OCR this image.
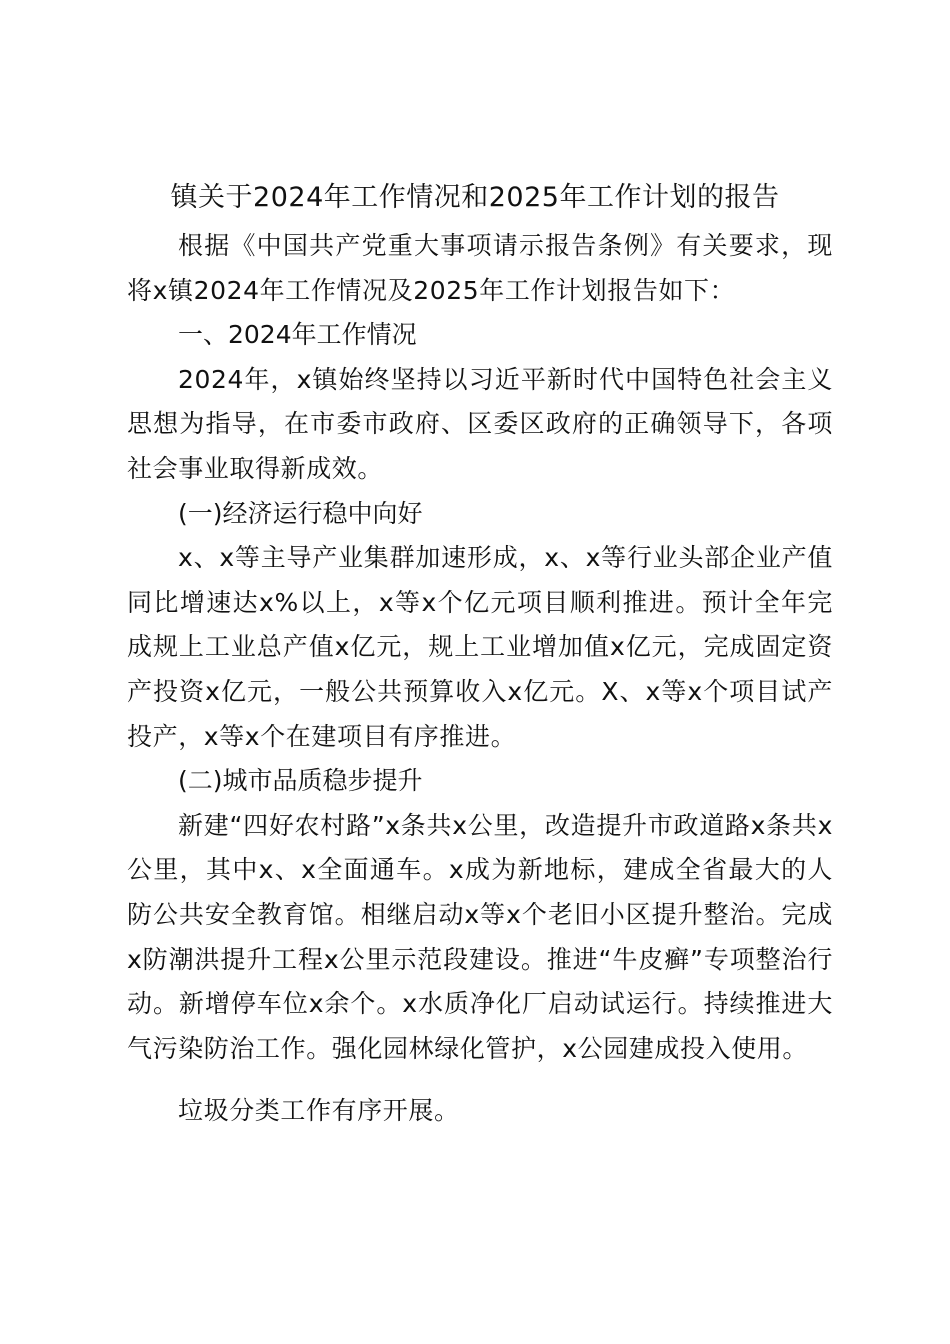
镇关于2024年工作情况和2025年工作计划的报告

根据《中国共产党重大事项请示报告条例》有关要求，现将x镇2024年工作情况及2025年工作计划报告如下：

一、2024年工作情况

2024年，x镇始终坚持以习近平新时代中国特色社会主义思想为指导，在市委市政府、区委区政府的正确领导下，各项社会事业取得新成效。

(一)经济运行稳中向好

x、x等主导产业集群加速形成，x、x等行业头部企业产值同比增速达x%以上，x等x个亿元项目顺利推进。预计全年完成规上工业总产值x亿元，规上工业增加值x亿元，完成固定资产投资x亿元，一般公共预算收入x亿元。X、x等x个项目试产投产，x等x个在建项目有序推进。

(二)城市品质稳步提升

新建“四好农村路”x条共x公里，改造提升市政道路x条共x公里，其中x、x全面通车。x成为新地标，建成全省最大的人防公共安全教育馆。相继启动x等x个老旧小区提升整治。完成x防潮洪提升工程x公里示范段建设。推进“牛皮癣”专项整治行动。新增停车位x余个。x水质净化厂启动试运行。持续推进大气污染防治工作。强化园林绿化管护，x公园建成投入使用。

垃圾分类工作有序开展。
